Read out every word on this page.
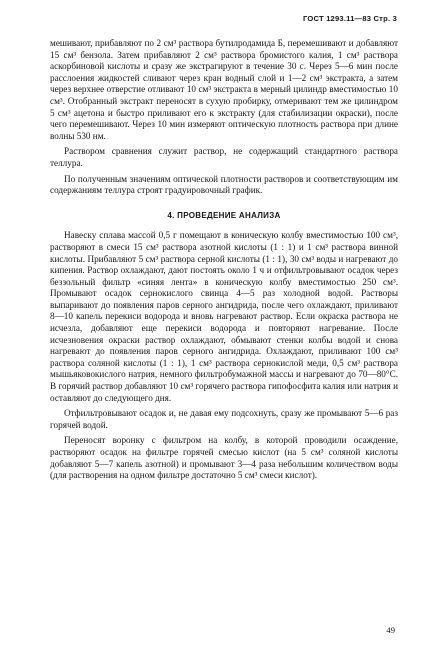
ГОСТ 1293.11—83 Стр. 3

мешивают, прибавляют по 2 см³ раствора бутилродамида Б, перемешивают и добавляют 15 см³ бензола. Затем прибавляют 2 см³ раствора бромистого калия, 1 см³ раствора аскорбиновой кислоты и сразу же экстрагируют в течение 30 с. Через 5—6 мин после расслоения жидкостей сливают через кран водный слой и 1—2 см³ экстракта, а затем через верхнее отверстие отливают 10 см³ экстракта в мерный цилиндр вместимостью 10 см³. Отобранный экстракт переносят в сухую пробирку, отмеривают тем же цилиндром 5 см³ ацетона и быстро приливают его к экстракту (для стабилизации окраски), после чего перемешивают. Через 10 мин измеряют оптическую плотность раствора при длине волны 530 нм.

Раствором сравнения служит раствор, не содержащий стандартного раствора теллура.

По полученным значениям оптической плотности растворов и соответствующим им содержаниям теллура строят градуировочный график.

4. ПРОВЕДЕНИЕ АНАЛИЗА

Навеску сплава массой 0,5 г помещают в коническую колбу вместимостью 100 см³, растворяют в смеси 15 см³ раствора азотной кислоты (1 : 1) и 1 см³ раствора винной кислоты. Прибавляют 5 см³ раствора серной кислоты (1 : 1), 30 см³ воды и нагревают до кипения. Раствор охлаждают, дают постоять около 1 ч и отфильтровывают осадок через беззольный фильтр «синяя лента» в коническую колбу вместимостью 250 см³. Промывают осадок сернокислого свинца 4—5 раз холодной водой. Растворы выпаривают до появления паров серного ангидрида, после чего охлаждают, приливают 8—10 капель перекиси водорода и вновь нагревают раствор. Если окраска раствора не исчезла, добавляют еще перекиси водорода и повторяют нагревание. После исчезновения окраски раствор охлаждают, обмывают стенки колбы водой и снова нагревают до появления паров серного ангидрида. Охлаждают, приливают 100 см³ раствора соляной кислоты (1 : 1), 1 см³ раствора сернокислой меди, 0,5 см³ раствора мышьяковокислого натрия, немного фильтробумажной массы и нагревают до 70—80°С. В горячий раствор добавляют 10 см³ горячего раствора гипофосфита калия или натрия и оставляют до следующего дня.

Отфильтровывают осадок и, не давая ему подсохнуть, сразу же промывают 5—6 раз горячей водой.

Переносят воронку с фильтром на колбу, в которой проводили осаждение, растворяют осадок на фильтре горячей смесью кислот (на 5 см³ соляной кислоты добавляют 5—7 капель азотной) и промывают 3—4 раза небольшим количеством воды (для растворения на одном фильтре достаточно 5 см³ смеси кислот).

49
